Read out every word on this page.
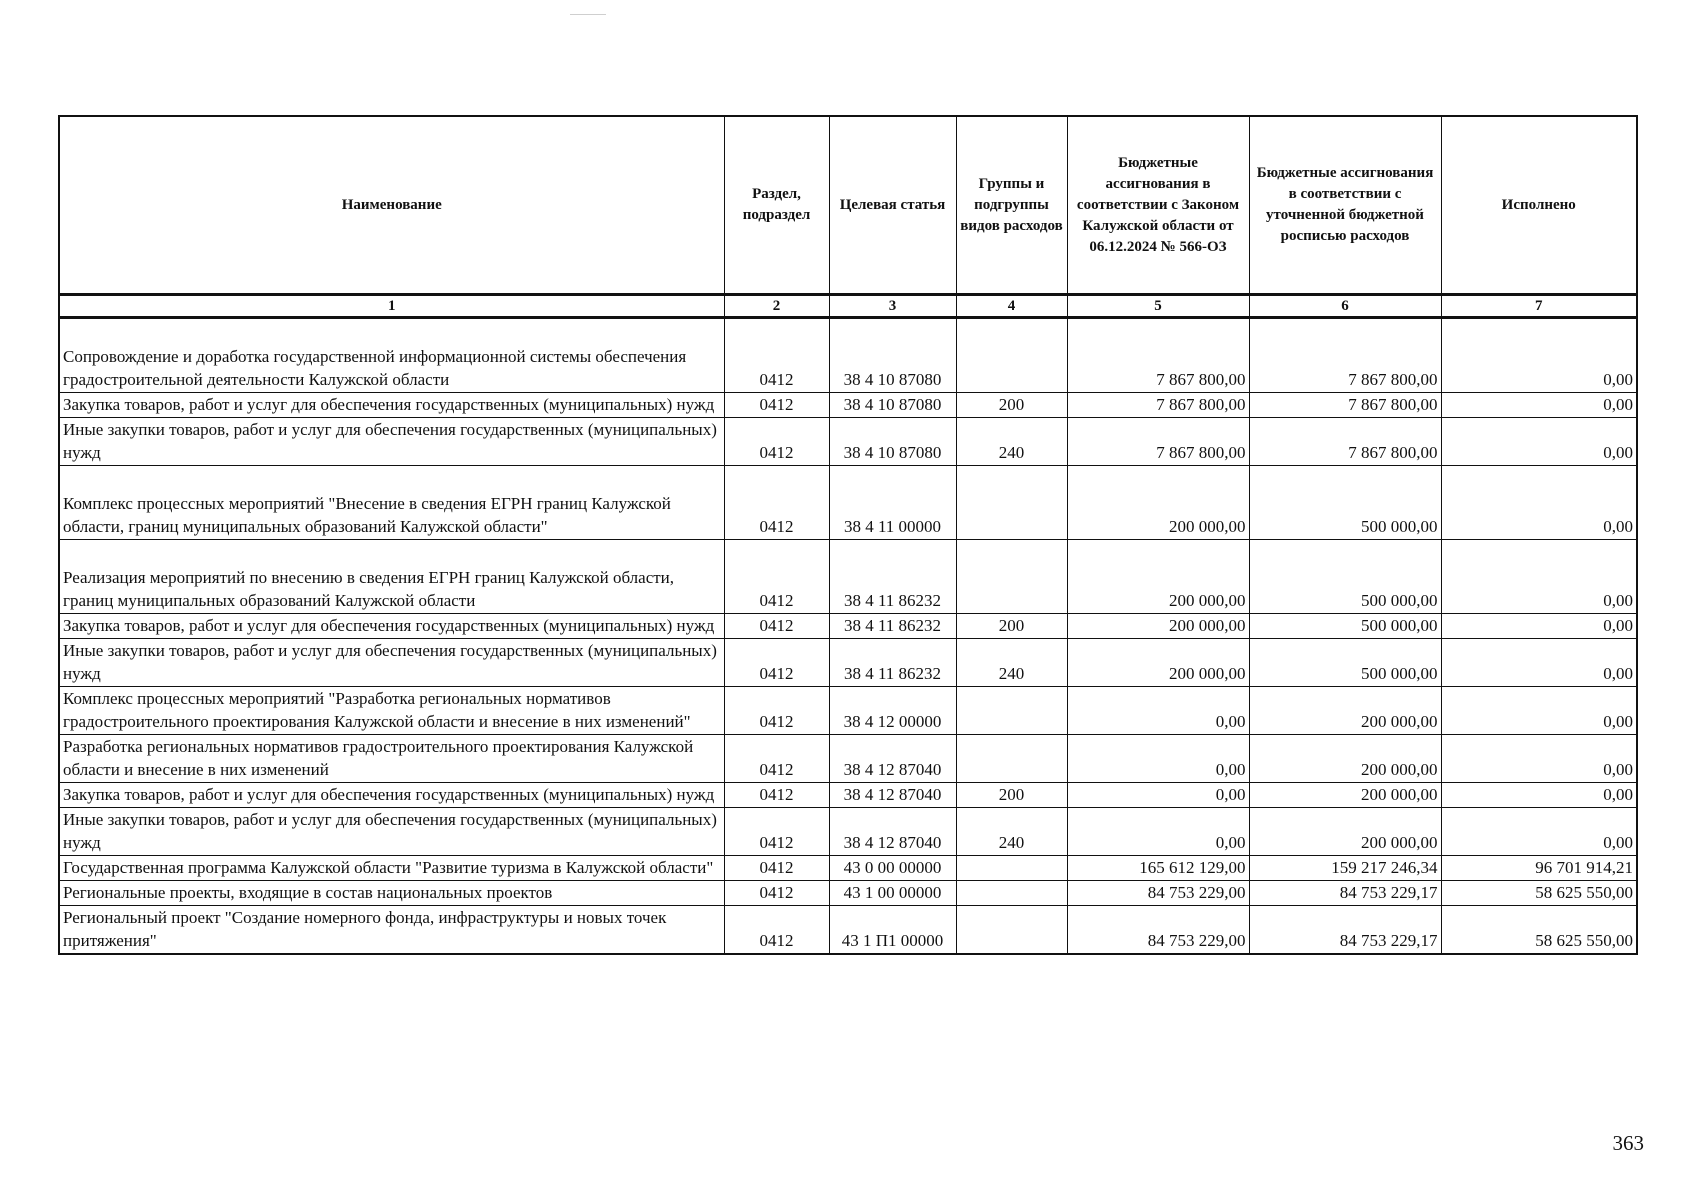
Наименование	Раздел, подраздел	Целевая статья	Группы и подгруппы видов расходов	Бюджетные ассигнования в соответствии с Законом Калужской области от 06.12.2024 № 566-ОЗ	Бюджетные ассигнования в соответствии с уточненной бюджетной росписью расходов	Исполнено
1	2	3	4	5	6	7
Сопровождение и доработка государственной информационной системы обеспечения градостроительной деятельности Калужской области	0412	38 4 10 87080		7 867 800,00	7 867 800,00	0,00
Закупка товаров, работ и услуг для обеспечения государственных (муниципальных) нужд	0412	38 4 10 87080	200	7 867 800,00	7 867 800,00	0,00
Иные закупки товаров, работ и услуг для обеспечения государственных (муниципальных) нужд	0412	38 4 10 87080	240	7 867 800,00	7 867 800,00	0,00
Комплекс процессных мероприятий "Внесение в сведения ЕГРН границ Калужской области, границ муниципальных образований Калужской области"	0412	38 4 11 00000		200 000,00	500 000,00	0,00
Реализация мероприятий по внесению в сведения ЕГРН границ Калужской области, границ муниципальных образований Калужской области	0412	38 4 11 86232		200 000,00	500 000,00	0,00
Закупка товаров, работ и услуг для обеспечения государственных (муниципальных) нужд	0412	38 4 11 86232	200	200 000,00	500 000,00	0,00
Иные закупки товаров, работ и услуг для обеспечения государственных (муниципальных) нужд	0412	38 4 11 86232	240	200 000,00	500 000,00	0,00
Комплекс процессных мероприятий "Разработка региональных нормативов градостроительного проектирования Калужской области и внесение в них изменений"	0412	38 4 12 00000		0,00	200 000,00	0,00
Разработка региональных нормативов градостроительного проектирования Калужской области и внесение в них изменений	0412	38 4 12 87040		0,00	200 000,00	0,00
Закупка товаров, работ и услуг для обеспечения государственных (муниципальных) нужд	0412	38 4 12 87040	200	0,00	200 000,00	0,00
Иные закупки товаров, работ и услуг для обеспечения государственных (муниципальных) нужд	0412	38 4 12 87040	240	0,00	200 000,00	0,00
Государственная программа Калужской области "Развитие туризма в Калужской области"	0412	43 0 00 00000		165 612 129,00	159 217 246,34	96 701 914,21
Региональные проекты, входящие в состав национальных проектов	0412	43 1 00 00000		84 753 229,00	84 753 229,17	58 625 550,00
Региональный проект "Создание номерного фонда, инфраструктуры и новых точек притяжения"	0412	43 1 П1 00000		84 753 229,00	84 753 229,17	58 625 550,00
363
